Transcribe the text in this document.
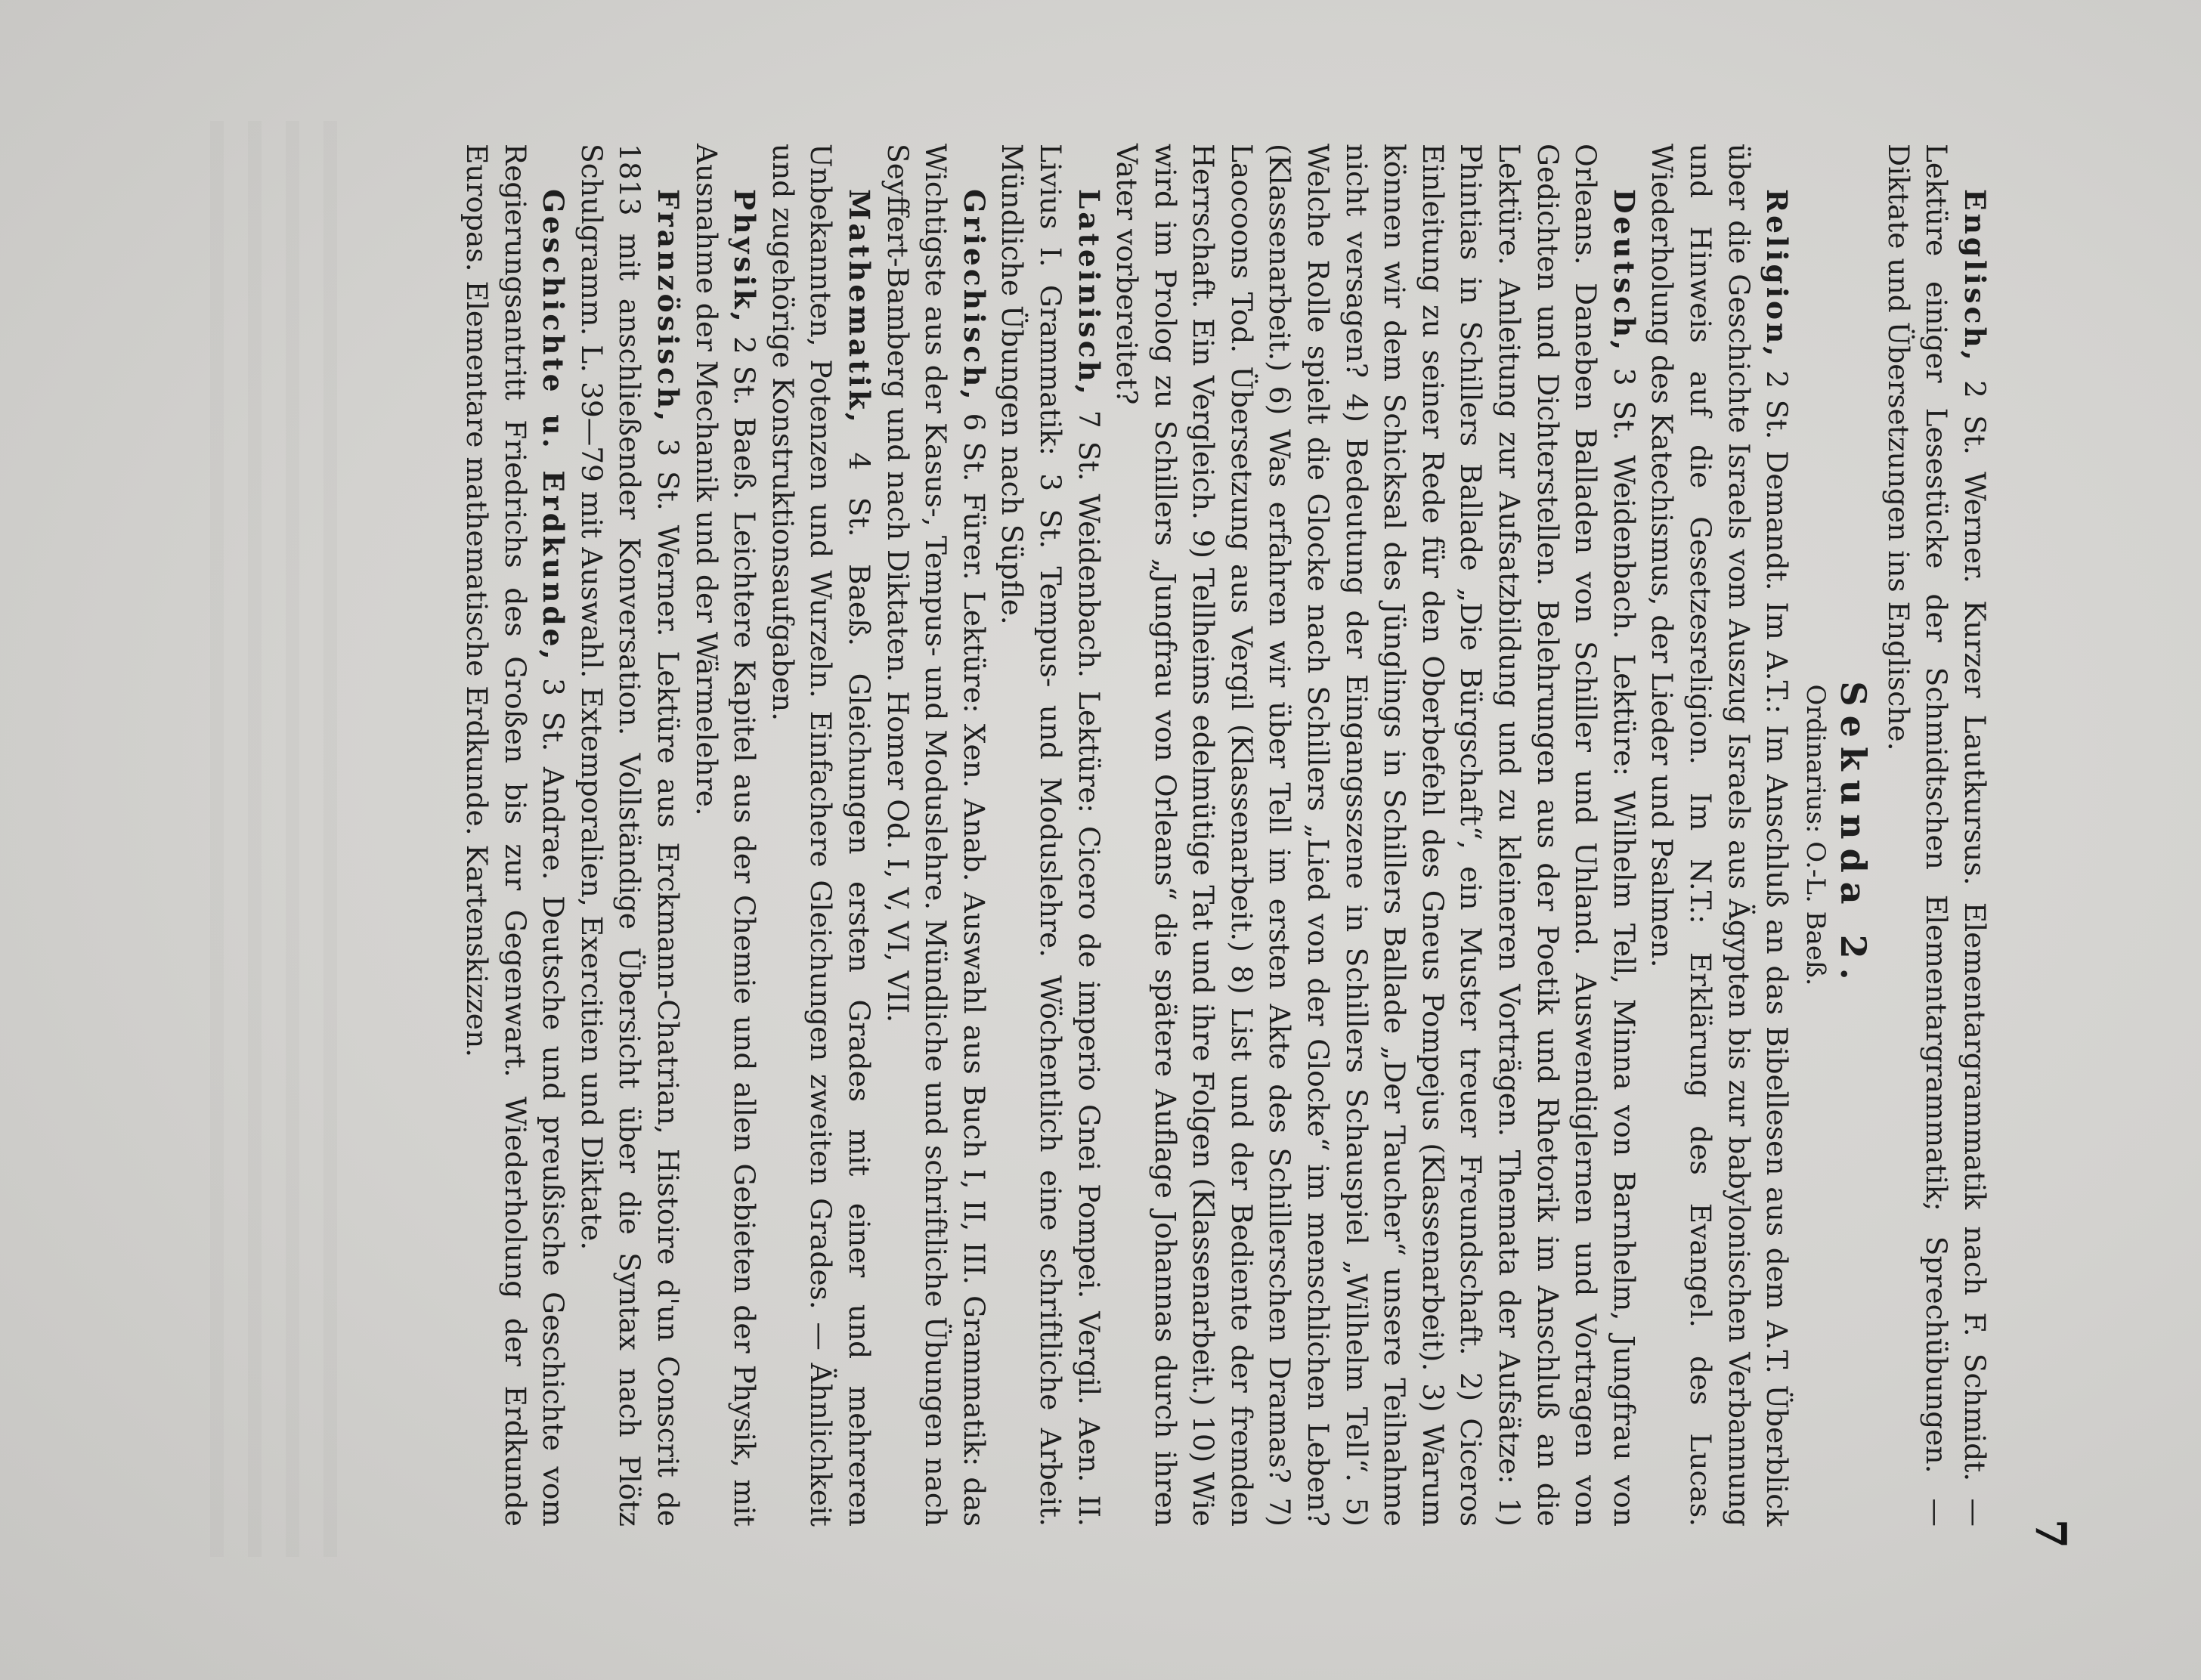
7

Englisch, 2 St. Werner. Kurzer Lautkursus. Elementargrammatik nach F. Schmidt. — Lektüre einiger Lesestücke der Schmidtschen Elementargrammatik; Sprechübungen. — Diktate und Übersetzungen ins Englische.

Sekunda 2.
Ordinarius: O.-L. Baeß.

Religion, 2 St. Demandt. Im A.T.: Im Anschluß an das Bibellesen aus dem A.T. Überblick über die Geschichte Israels vom Auszug Israels aus Ägypten bis zur babylonischen Verbannung und Hinweis auf die Gesetzesreligion. Im N.T.: Erklärung des Evangel. des Lucas. Wiederholung des Katechismus, der Lieder und Psalmen.

Deutsch, 3 St. Weidenbach. Lektüre: Wilhelm Tell, Minna von Barnhelm, Jungfrau von Orleans. Daneben Balladen von Schiller und Uhland. Auswendiglernen und Vortragen von Gedichten und Dichterstellen. Belehrungen aus der Poetik und Rhetorik im Anschluß an die Lektüre. Anleitung zur Aufsatzbildung und zu kleineren Vorträgen. Themata der Aufsätze: 1) Phintias in Schillers Ballade „Die Bürgschaft“, ein Muster treuer Freundschaft. 2) Ciceros Einleitung zu seiner Rede für den Oberbefehl des Gneus Pompejus (Klassenarbeit). 3) Warum können wir dem Schicksal des Jünglings in Schillers Ballade „Der Taucher“ unsere Teilnahme nicht versagen? 4) Bedeutung der Eingangsszene in Schillers Schauspiel „Wilhelm Tell“. 5) Welche Rolle spielt die Glocke nach Schillers „Lied von der Glocke“ im menschlichen Leben? (Klassenarbeit.) 6) Was erfahren wir über Tell im ersten Akte des Schillerschen Dramas? 7) Laocoons Tod. Übersetzung aus Vergil (Klassenarbeit.) 8) List und der Bediente der fremden Herrschaft. Ein Vergleich. 9) Tellheims edelmütige Tat und ihre Folgen (Klassenarbeit.) 10) Wie wird im Prolog zu Schillers „Jungfrau von Orleans“ die spätere Auflage Johannas durch ihren Vater vorbereitet?

Lateinisch, 7 St. Weidenbach. Lektüre: Cicero de imperio Gnei Pompei. Vergil. Aen. II. Livius I. Grammatik: 3 St. Tempus- und Moduslehre. Wöchentlich eine schriftliche Arbeit. Mündliche Übungen nach Süpfle.

Griechisch, 6 St. Fürer. Lektüre: Xen. Anab. Auswahl aus Buch I, II, III. Grammatik: das Wichtigste aus der Kasus-, Tempus- und Moduslehre. Mündliche und schriftliche Übungen nach Seyffert-Bamberg und nach Diktaten. Homer Od. I, V, VI, VII.

Mathematik, 4 St. Baeß. Gleichungen ersten Grades mit einer und mehreren Unbekannten, Potenzen und Wurzeln. Einfachere Gleichungen zweiten Grades. — Ähnlichkeit und zugehörige Konstruktionsaufgaben.

Physik, 2 St. Baeß. Leichtere Kapitel aus der Chemie und allen Gebieten der Physik, mit Ausnahme der Mechanik und der Wärmelehre.

Französisch, 3 St. Werner. Lektüre aus Erckmann-Chatrian, Histoire d'un Conscrit de 1813 mit anschließender Konversation. Vollständige Übersicht über die Syntax nach Plötz Schulgramm. L. 39—79 mit Auswahl. Extemporalien, Exercitien und Diktate.

Geschichte u. Erdkunde, 3 St. Andrae. Deutsche und preußische Geschichte vom Regierungsantritt Friedrichs des Großen bis zur Gegenwart. Wiederholung der Erdkunde Europas. Elementare mathematische Erdkunde. Kartenskizzen.
